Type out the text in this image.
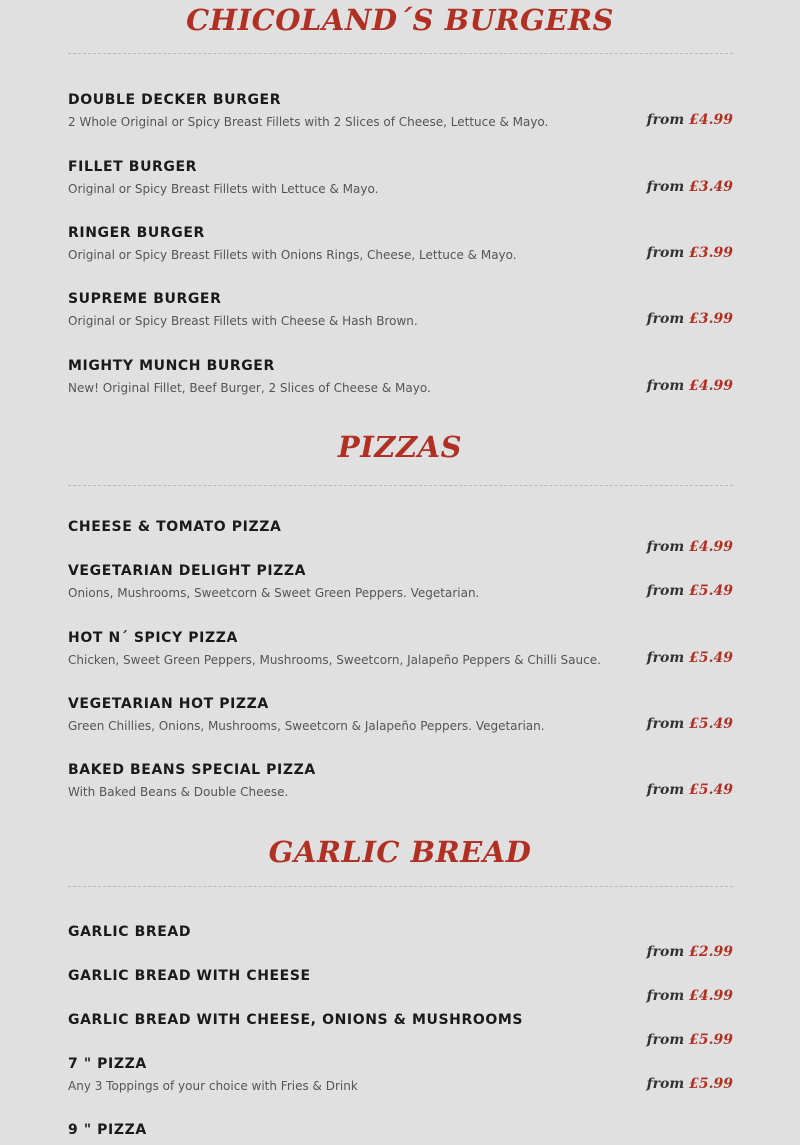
CHICOLAND´S BURGERS
DOUBLE DECKER BURGER
2 Whole Original or Spicy Breast Fillets with 2 Slices of Cheese, Lettuce & Mayo.	from £4.99
FILLET BURGER
Original or Spicy Breast Fillets with Lettuce & Mayo.	from £3.49
RINGER BURGER
Original or Spicy Breast Fillets with Onions Rings, Cheese, Lettuce & Mayo.	from £3.99
SUPREME BURGER
Original or Spicy Breast Fillets with Cheese & Hash Brown.	from £3.99
MIGHTY MUNCH BURGER
New! Original Fillet, Beef Burger, 2 Slices of Cheese & Mayo.	from £4.99
PIZZAS
CHEESE & TOMATO PIZZA
from £4.99
VEGETARIAN DELIGHT PIZZA
Onions, Mushrooms, Sweetcorn & Sweet Green Peppers. Vegetarian.	from £5.49
HOT N´ SPICY PIZZA
Chicken, Sweet Green Peppers, Mushrooms, Sweetcorn, Jalapeño Peppers & Chilli Sauce.	from £5.49
VEGETARIAN HOT PIZZA
Green Chillies, Onions, Mushrooms, Sweetcorn & Jalapeño Peppers. Vegetarian.	from £5.49
BAKED BEANS SPECIAL PIZZA
With Baked Beans & Double Cheese.	from £5.49
GARLIC BREAD
GARLIC BREAD
from £2.99
GARLIC BREAD WITH CHEESE
from £4.99
GARLIC BREAD WITH CHEESE, ONIONS & MUSHROOMS
from £5.99
7 " PIZZA
Any 3 Toppings of your choice with Fries & Drink	from £5.99
9 " PIZZA
